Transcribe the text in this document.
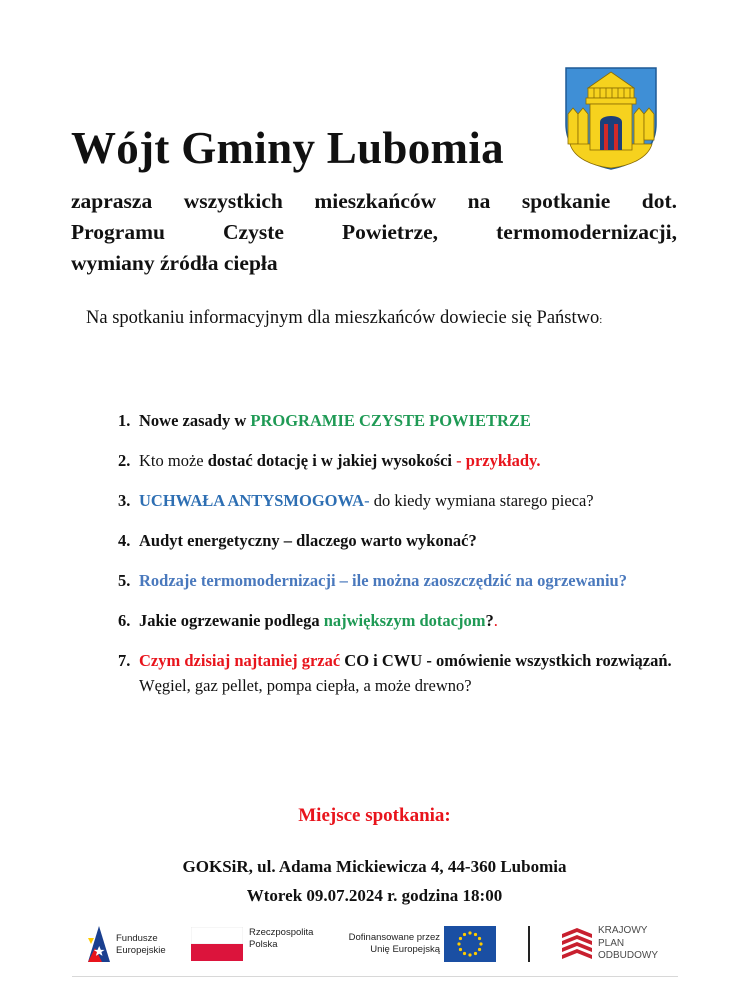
Wójt Gminy Lubomia

zaprasza wszystkich mieszkańców na spotkanie dot.
Programu Czyste Powietrze, termomodernizacji,
wymiany źródła ciepła

Na spotkaniu informacyjnym dla mieszkańców dowiecie się Państwo:

1. Nowe zasady w PROGRAMIE CZYSTE POWIETRZE
2. Kto może dostać dotację i w jakiej wysokości - przykłady.
3. UCHWAŁA ANTYSMOGOWA- do kiedy wymiana starego pieca?
4. Audyt energetyczny – dlaczego warto wykonać?
5. Rodzaje termomodernizacji – ile można zaoszczędzić na ogrzewaniu?
6. Jakie ogrzewanie podlega największym dotacjom?.
7. Czym dzisiaj najtaniej grzać CO i CWU - omówienie wszystkich rozwiązań. Węgiel, gaz pellet, pompa ciepła, a może drewno?

Miejsce spotkania:

GOKSiR, ul. Adama Mickiewicza 4, 44-360 Lubomia

Wtorek 09.07.2024 r. godzina 18:00

Fundusze
Europejskie
Rzeczpospolita
Polska
Dofinansowane przez
Unię Europejską
KRAJOWY
PLAN
ODBUDOWY
